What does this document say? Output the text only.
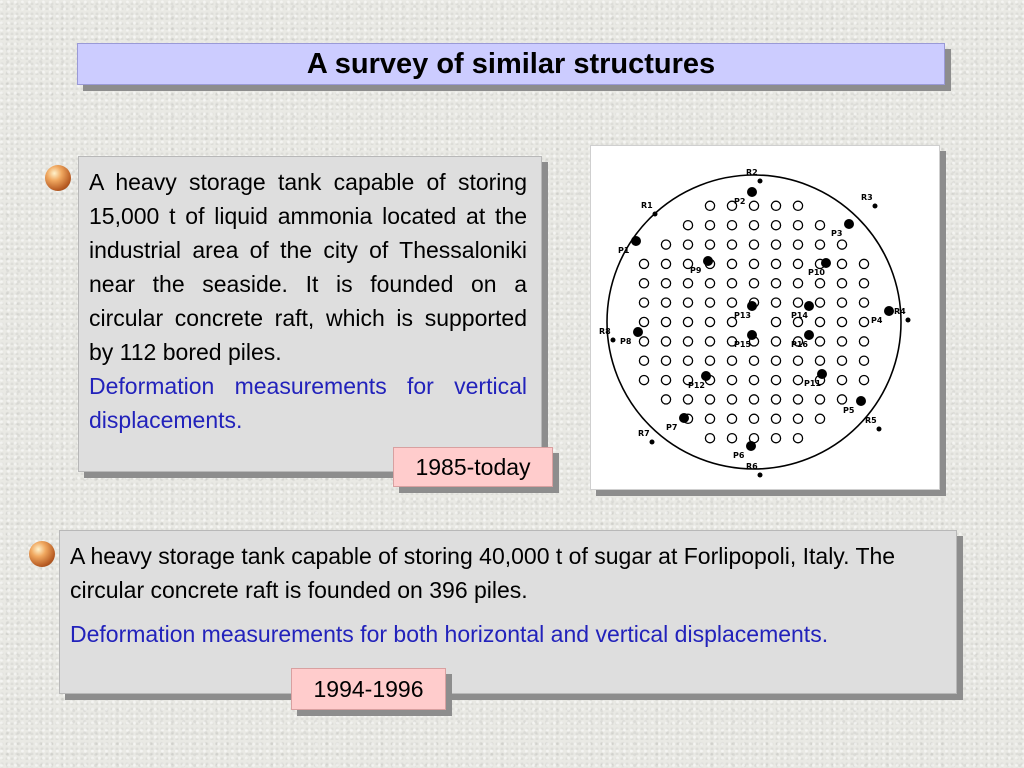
A survey of similar structures
A heavy storage tank capable of storing 15,000 t of liquid ammonia located at the industrial area of the city of Thessaloniki near the seaside. It is founded on a circular concrete raft, which is supported by 112 bored piles.
Deformation measurements for vertical displacements.
1985-today
P1
P2
P3
P4
P5
P6
P7
P8
P9	P10
P11
P12
P13	P14
P15	P16
R1
R2
R3
R4
R5
R6
R7
R8
A heavy storage tank capable of storing 40,000 t of sugar at Forlipopoli, Italy. The circular concrete raft is founded on 396 piles.
Deformation measurements for both horizontal and vertical displacements.
1994-1996
